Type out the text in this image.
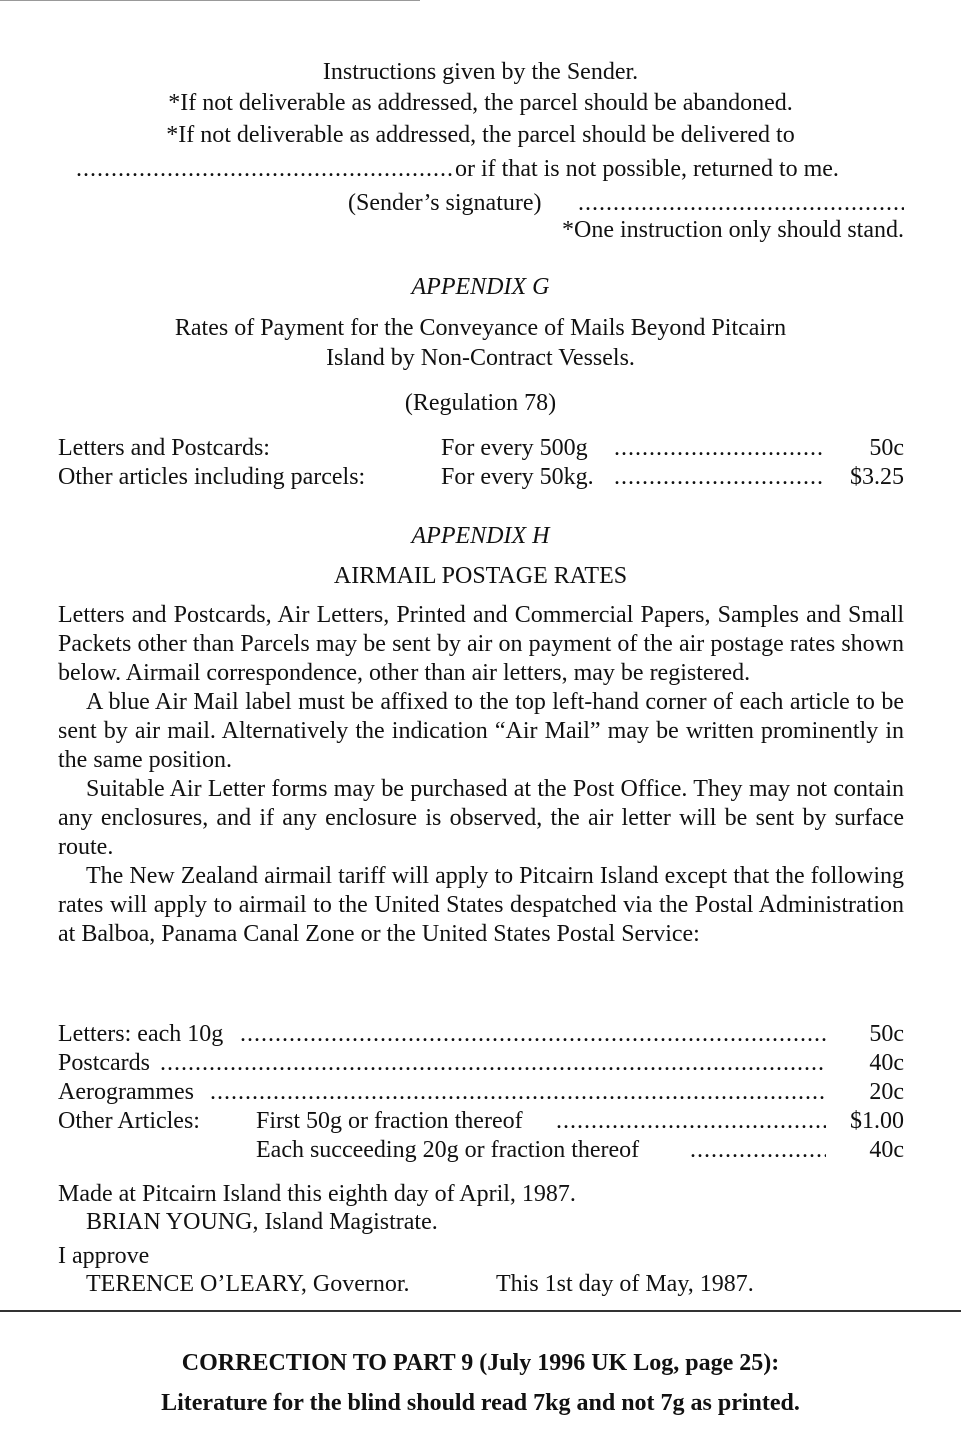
Instructions given by the Sender.
*If not deliverable as addressed, the parcel should be abandoned.
*If not deliverable as addressed, the parcel should be delivered to
.....
or if that is not possible, returned to me.
(Sender’s signature)
.....
*One instruction only should stand.
APPENDIX G
Rates of Payment for the Conveyance of Mails Beyond Pitcairn
Island by Non-Contract Vessels.
(Regulation 78)
Letters and Postcards:	For every 500g .....	50c
Other articles including parcels:	For every 50kg. .....	$3.25
APPENDIX H
AIRMAIL POSTAGE RATES

Letters and Postcards, Air Letters, Printed and Commercial Papers, Samples and Small Packets other than Parcels may be sent by air on payment of the air postage rates shown below. Airmail correspondence, other than air letters, may be registered.

A blue Air Mail label must be affixed to the top left-hand corner of each article to be sent by air mail. Alternatively the indication “Air Mail” may be written prominently in the same position.

Suitable Air Letter forms may be purchased at the Post Office. They may not contain any enclosures, and if any enclosure is observed, the air letter will be sent by surface route.

The New Zealand airmail tariff will apply to Pitcairn Island except that the following rates will apply to airmail to the United States despatched via the Postal Administration at Balboa, Panama Canal Zone or the United States Postal Service:

Letters: each 10g .....	50c
Postcards .....	40c
Aerogrammes .....	20c
Other Articles: First 50g or fraction thereof .....	$1.00
Each succeeding 20g or fraction thereof .....	40c
Made at Pitcairn Island this eighth day of April, 1987.
BRIAN YOUNG, Island Magistrate.
I approve
TERENCE O’LEARY, Governor.	This 1st day of May, 1987.
CORRECTION TO PART 9 (July 1996 UK Log, page 25):
Literature for the blind should read 7kg and not 7g as printed.
